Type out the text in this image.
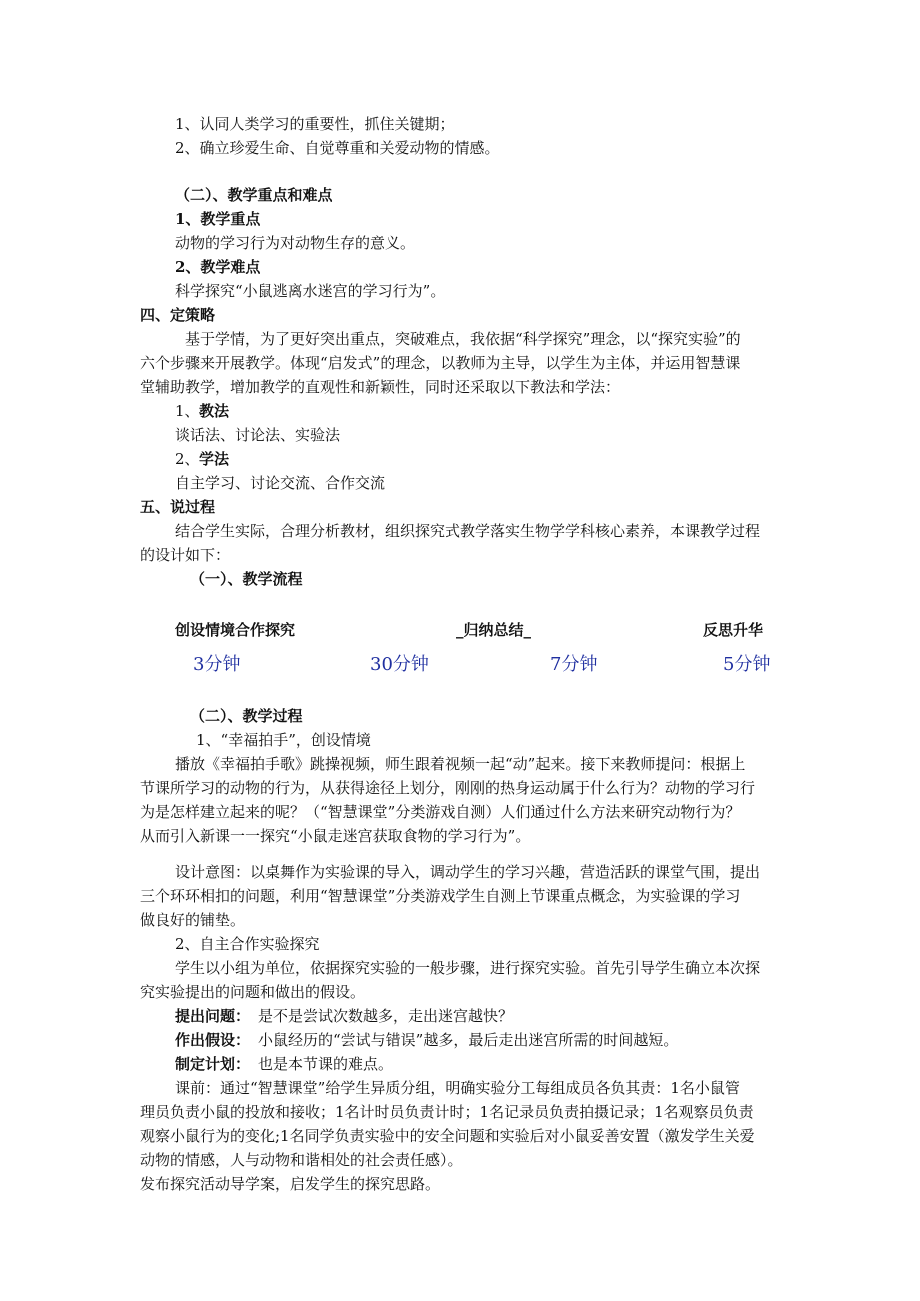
1、认同人类学习的重要性，抓住关键期；
2、确立珍爱生命、自觉尊重和关爱动物的情感。
（二）、教学重点和难点
1、教学重点
动物的学习行为对动物生存的意义。
2、教学难点
科学探究“小鼠逃离水迷宫的学习行为”。
四、定策略
基于学情，为了更好突出重点，突破难点，我依据“科学探究”理念，以“探究实验”的
六个步骤来开展教学。体现“启发式”的理念，以教师为主导，以学生为主体，并运用智慧课
堂辅助教学，增加教学的直观性和新颖性，同时还采取以下教法和学法：
1、 教法
谈话法、讨论法、实验法
2、 学法
自主学习、讨论交流、合作交流
五、说过程
结合学生实际，合理分析教材，组织探究式教学落实生物学学科核心素养，本课教学过程
的设计如下：
（一）、教学流程
创设情境合作探究	_归纳总结_	反思升华
3分钟	30分钟	7分钟	5分钟
（二）、教学过程
1、“幸福拍手”，创设情境
播放《幸福拍手歌》跳操视频，师生跟着视频一起“动”起来。接下来教师提问：根据上
节课所学习的动物的行为，从获得途径上划分，刚刚的热身运动属于什么行为？动物的学习行
为是怎样建立起来的呢？（“智慧课堂”分类游戏自测）人们通过什么方法来研究动物行为？
从而引入新课一一探究“小鼠走迷宫获取食物的学习行为”。
设计意图：以桌舞作为实验课的导入，调动学生的学习兴趣，营造活跃的课堂气围，提出
三个环环相扣的问题，利用“智慧课堂”分类游戏学生自测上节课重点概念，为实验课的学习
做良好的铺垫。
2、自主合作实验探究
学生以小组为单位，依据探究实验的一般步骤，进行探究实验。首先引导学生确立本次探
究实验提出的问题和做出的假设。
提出问题： 是不是尝试次数越多，走出迷宫越快？
作出假设： 小鼠经历的“尝试与错误”越多，最后走出迷宫所需的时间越短。
制定计划： 也是本节课的难点。
课前：通过“智慧课堂”给学生异质分组，明确实验分工每组成员各负其责：1名小鼠管
理员负责小鼠的投放和接收；1名计时员负责计时；1名记录员负责拍摄记录；1名观察员负责
观察小鼠行为的变化;1名同学负责实验中的安全问题和实验后对小鼠妥善安置（激发学生关爱
动物的情感，人与动物和谐相处的社会责任感）。
发布探究活动导学案，启发学生的探究思路。
